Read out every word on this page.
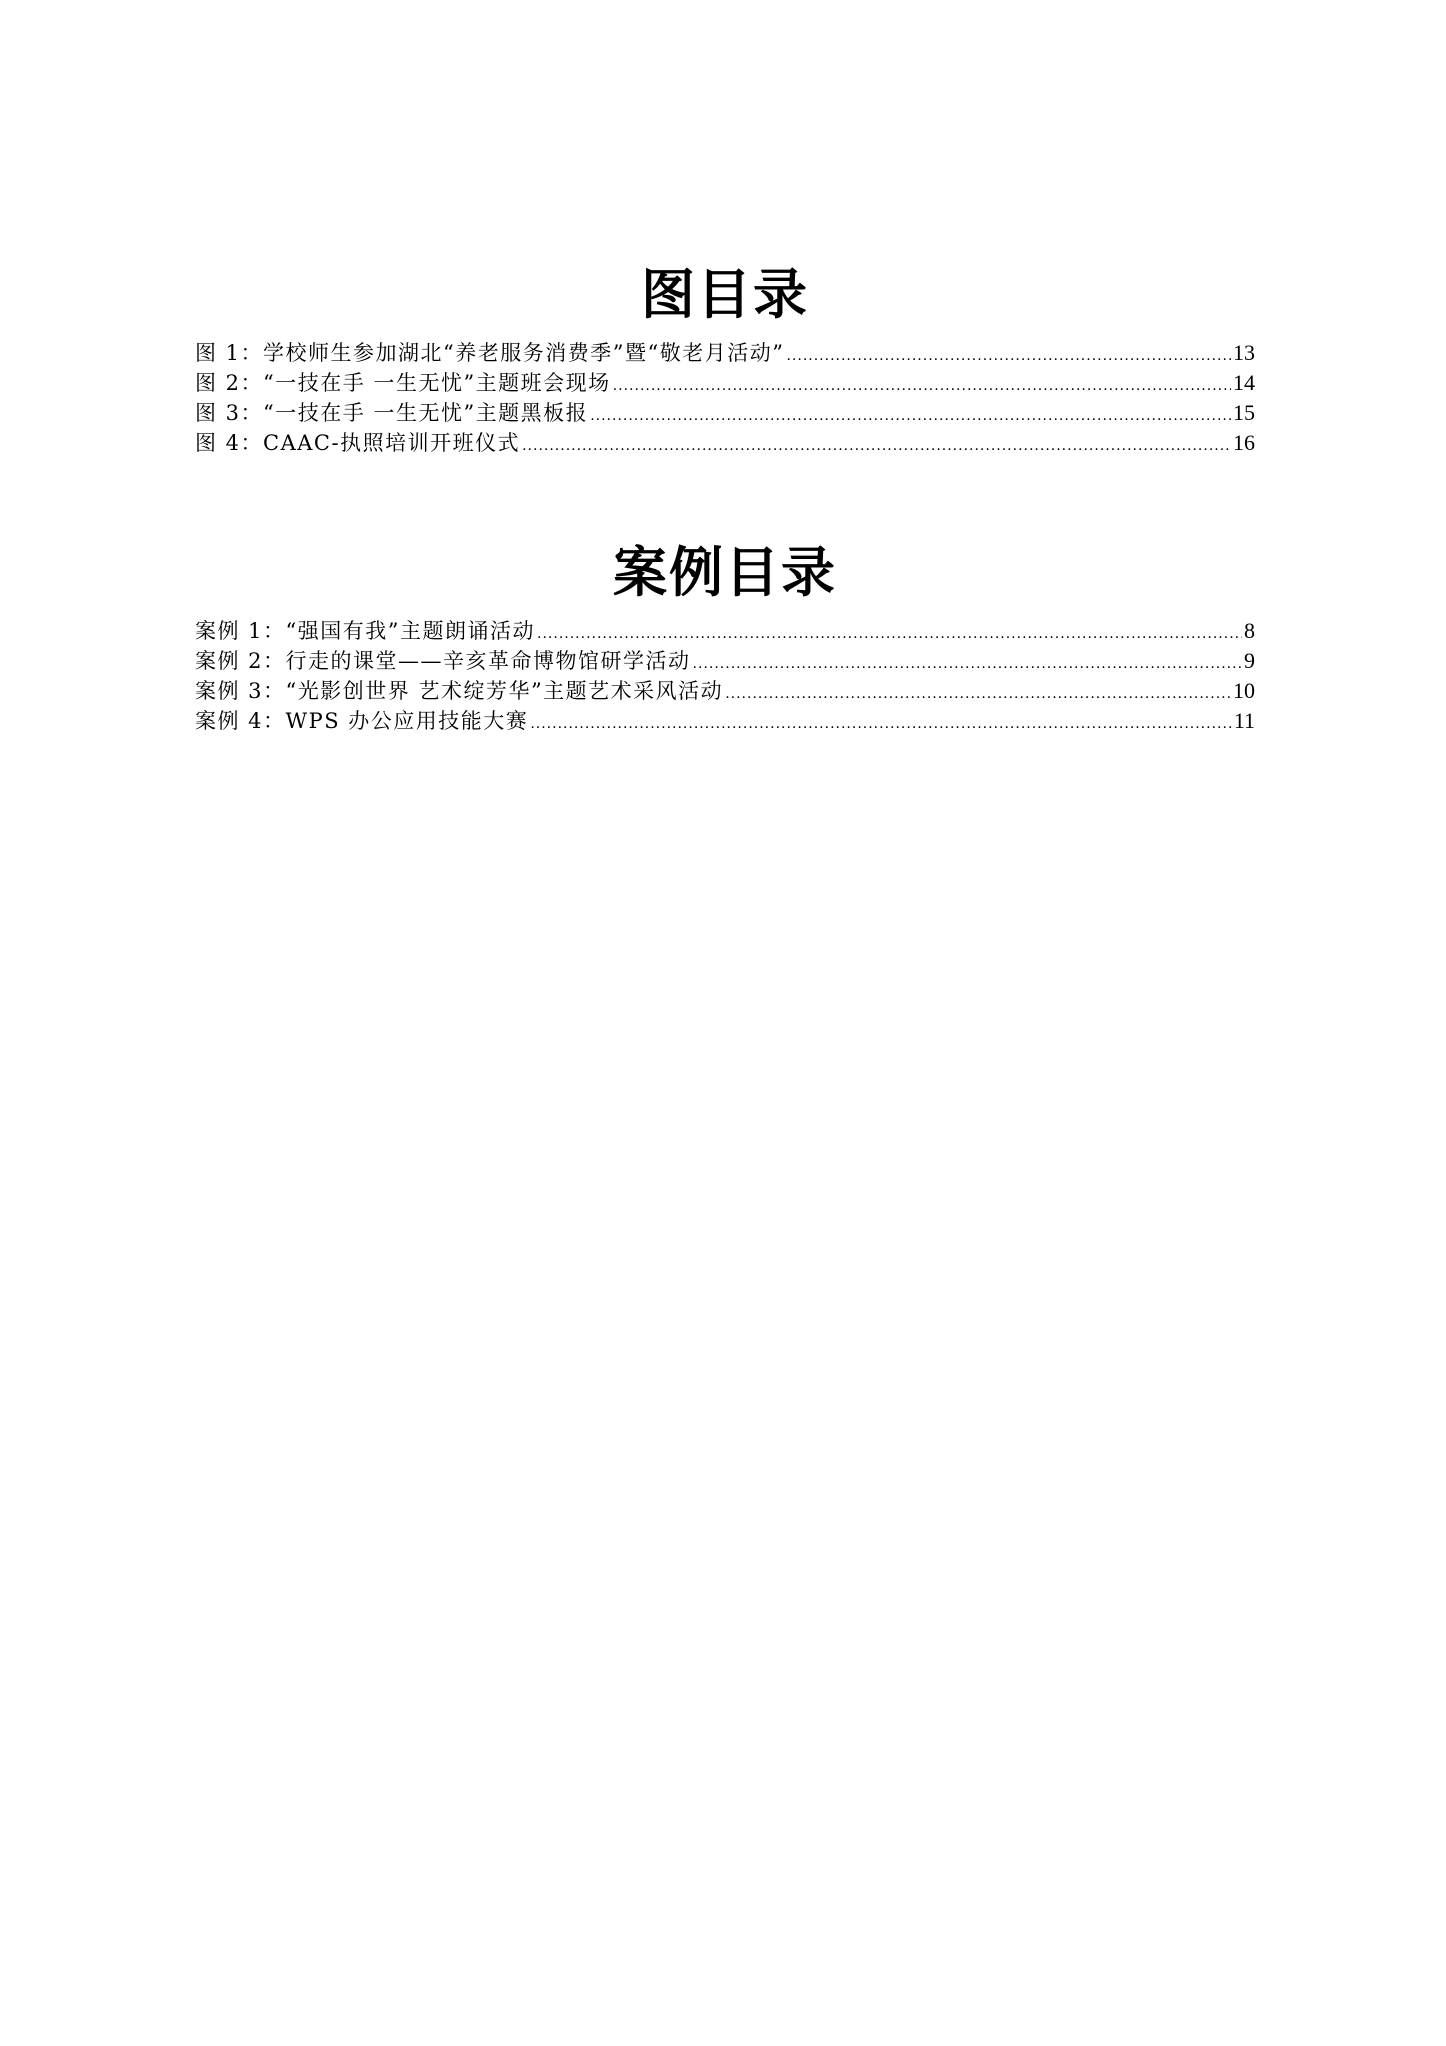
图目录
图 1：学校师生参加湖北“养老服务消费季”暨“敬老月活动” .....	13
图 2：“一技在手 一生无忧”主题班会现场 .....	14
图 3：“一技在手 一生无忧”主题黑板报 .....	15
图 4：CAAC-执照培训开班仪式 .....	16
案例目录
案例 1：“强国有我”主题朗诵活动 .....	8
案例 2：行走的课堂——辛亥革命博物馆研学活动 .....	9
案例 3：“光影创世界 艺术绽芳华”主题艺术采风活动 .....	10
案例 4：WPS 办公应用技能大赛 .....	11
